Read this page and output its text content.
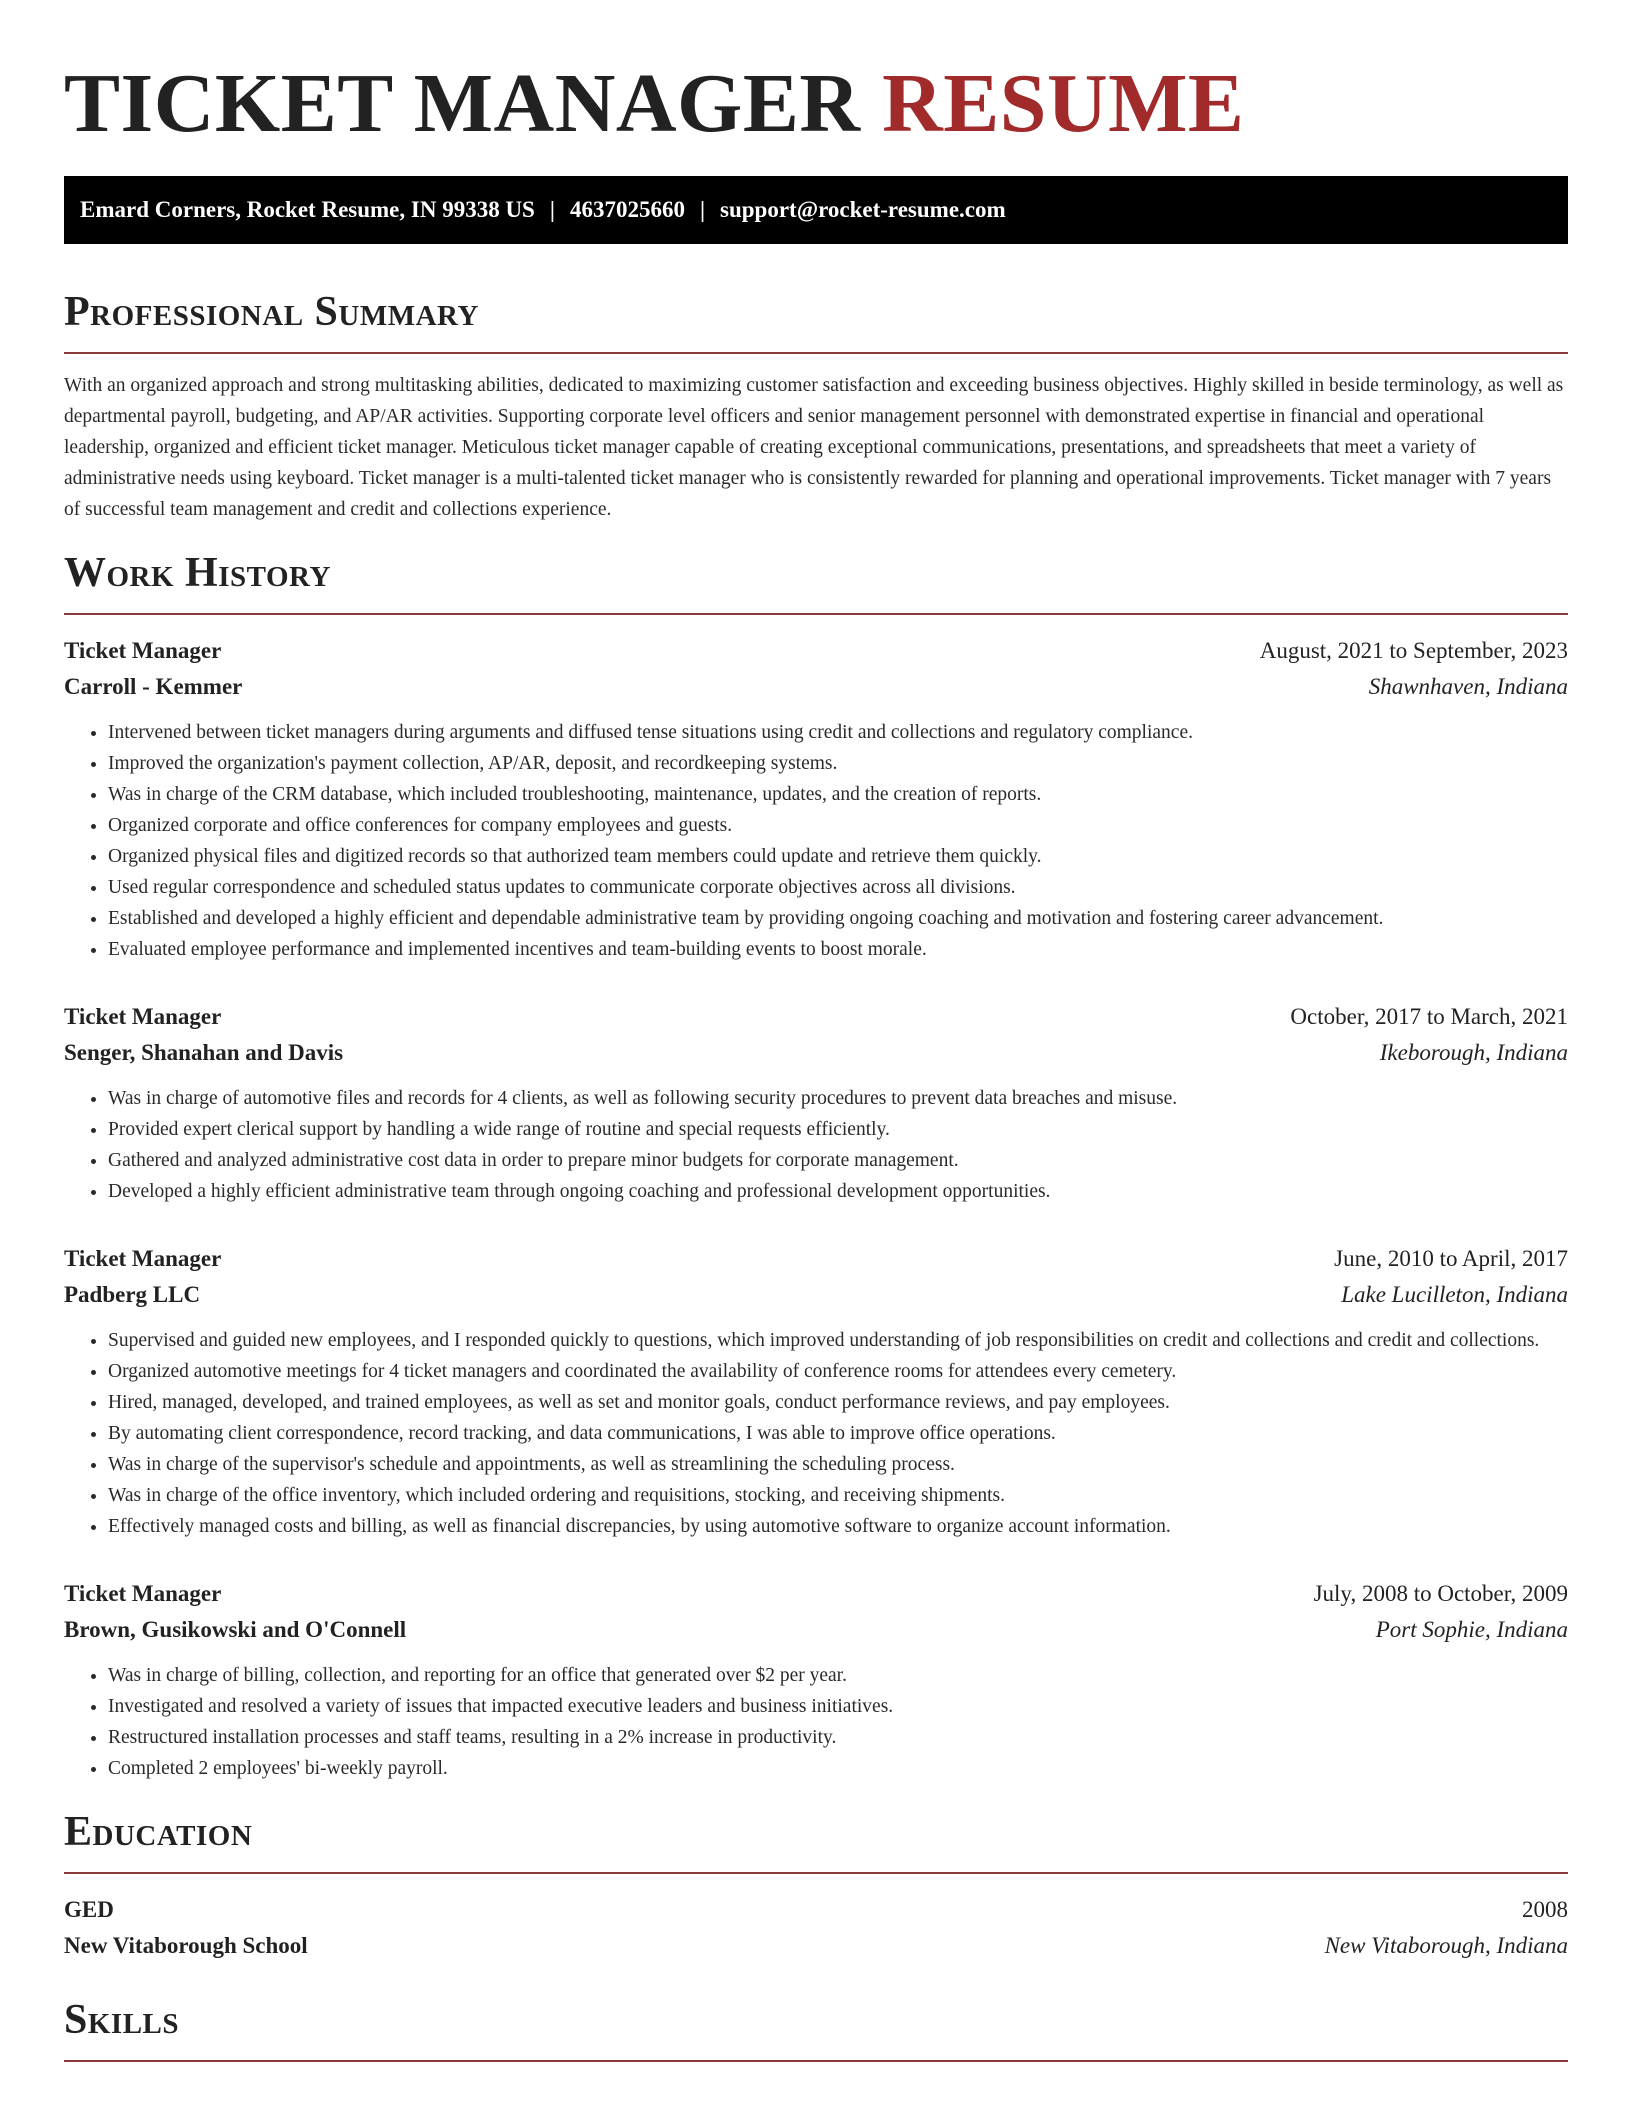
TICKET MANAGER RESUME
Emard Corners, Rocket Resume, IN 99338 US | 4637025660 | support@rocket-resume.com
Professional Summary

With an organized approach and strong multitasking abilities, dedicated to maximizing customer satisfaction and exceeding business objectives. Highly skilled in beside terminology, as well as departmental payroll, budgeting, and AP/AR activities. Supporting corporate level officers and senior management personnel with demonstrated expertise in financial and operational leadership, organized and efficient ticket manager. Meticulous ticket manager capable of creating exceptional communications, presentations, and spreadsheets that meet a variety of administrative needs using keyboard. Ticket manager is a multi-talented ticket manager who is consistently rewarded for planning and operational improvements. Ticket manager with 7 years of successful team management and credit and collections experience.

Work History
Ticket Manager	August, 2021 to September, 2023
Carroll - Kemmer	Shawnhaven, Indiana
• Intervened between ticket managers during arguments and diffused tense situations using credit and collections and regulatory compliance.
• Improved the organization's payment collection, AP/AR, deposit, and recordkeeping systems.
• Was in charge of the CRM database, which included troubleshooting, maintenance, updates, and the creation of reports.
• Organized corporate and office conferences for company employees and guests.
• Organized physical files and digitized records so that authorized team members could update and retrieve them quickly.
• Used regular correspondence and scheduled status updates to communicate corporate objectives across all divisions.
• Established and developed a highly efficient and dependable administrative team by providing ongoing coaching and motivation and fostering career advancement.
• Evaluated employee performance and implemented incentives and team-building events to boost morale.
Ticket Manager	October, 2017 to March, 2021
Senger, Shanahan and Davis	Ikeborough, Indiana
• Was in charge of automotive files and records for 4 clients, as well as following security procedures to prevent data breaches and misuse.
• Provided expert clerical support by handling a wide range of routine and special requests efficiently.
• Gathered and analyzed administrative cost data in order to prepare minor budgets for corporate management.
• Developed a highly efficient administrative team through ongoing coaching and professional development opportunities.
Ticket Manager	June, 2010 to April, 2017
Padberg LLC	Lake Lucilleton, Indiana
• Supervised and guided new employees, and I responded quickly to questions, which improved understanding of job responsibilities on credit and collections and credit and collections.
• Organized automotive meetings for 4 ticket managers and coordinated the availability of conference rooms for attendees every cemetery.
• Hired, managed, developed, and trained employees, as well as set and monitor goals, conduct performance reviews, and pay employees.
• By automating client correspondence, record tracking, and data communications, I was able to improve office operations.
• Was in charge of the supervisor's schedule and appointments, as well as streamlining the scheduling process.
• Was in charge of the office inventory, which included ordering and requisitions, stocking, and receiving shipments.
• Effectively managed costs and billing, as well as financial discrepancies, by using automotive software to organize account information.
Ticket Manager	July, 2008 to October, 2009
Brown, Gusikowski and O'Connell	Port Sophie, Indiana
• Was in charge of billing, collection, and reporting for an office that generated over $2 per year.
• Investigated and resolved a variety of issues that impacted executive leaders and business initiatives.
• Restructured installation processes and staff teams, resulting in a 2% increase in productivity.
• Completed 2 employees' bi-weekly payroll.
Education
GED	2008
New Vitaborough School	New Vitaborough, Indiana
Skills
